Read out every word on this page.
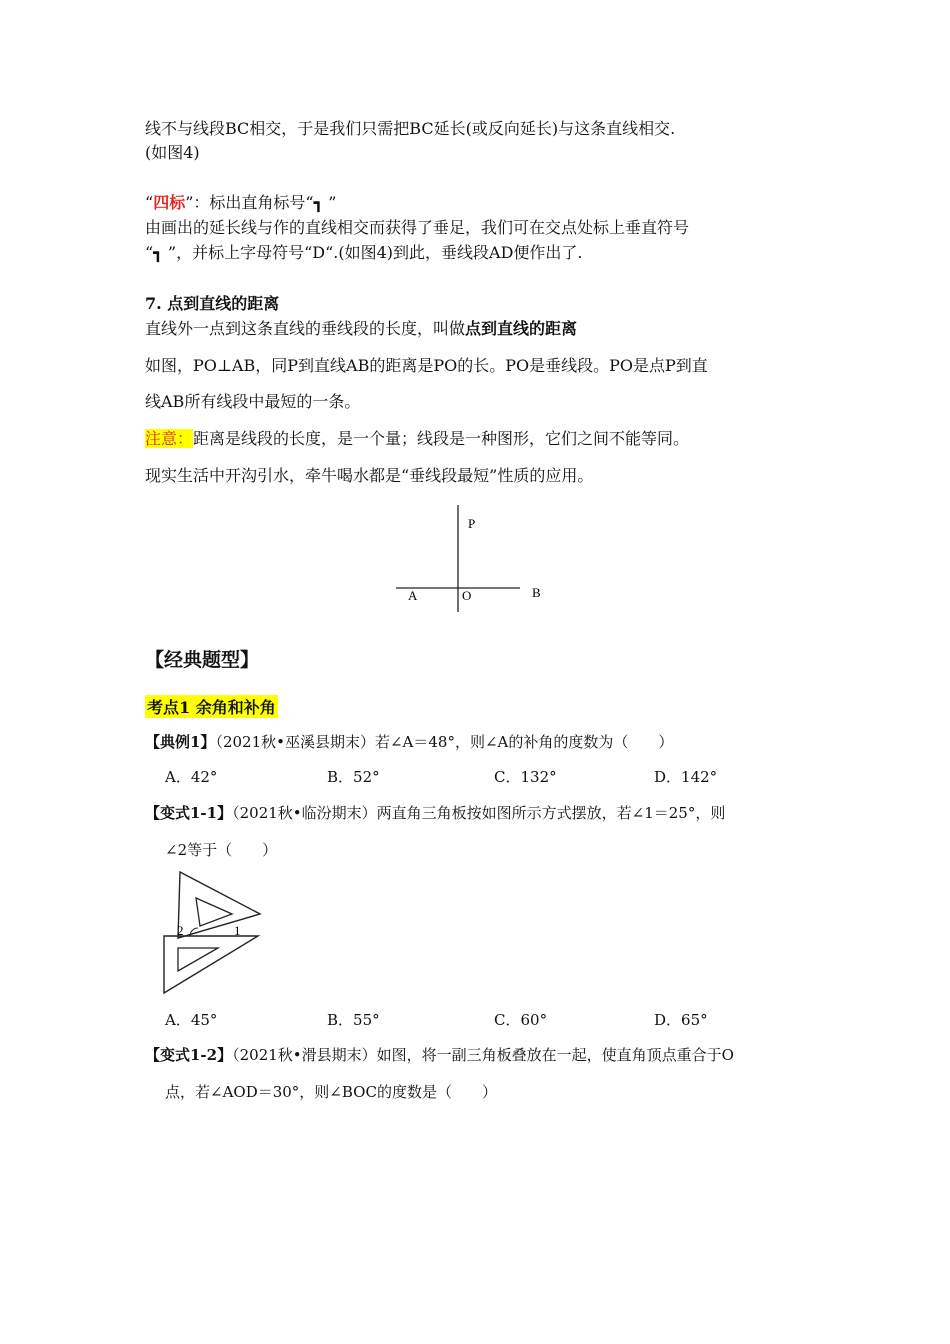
线不与线段BC相交，于是我们只需把BC延长(或反向延长)与这条直线相交.
(如图4)
“四标”：标出直角标号“┓ ”
由画出的延长线与作的直线相交而获得了垂足，我们可在交点处标上垂直符号
“┓ ”，并标上字母符号“D“.(如图4)到此，垂线段AD便作出了.
7. 点到直线的距离
直线外一点到这条直线的垂线段的长度，叫做点到直线的距离
如图，PO⊥AB，同P到直线AB的距离是PO的长。PO是垂线段。PO是点P到直
线AB所有线段中最短的一条。
注意：距离是线段的长度，是一个量；线段是一种图形，它们之间不能等同。
现实生活中开沟引水，牵牛喝水都是“垂线段最短”性质的应用。
P
A	O	B
【经典题型】
考点1 余角和补角
【典例1】（2021秋•巫溪县期末）若∠A＝48°，则∠A的补角的度数为（　　）
A．42°	B．52°	C．132°	D．142°
【变式1-1】（2021秋•临汾期末）两直角三角板按如图所示方式摆放，若∠1＝25°，则
∠2等于（　　）
2	1
A．45°	B．55°	C．60°	D．65°
【变式1-2】（2021秋•滑县期末）如图，将一副三角板叠放在一起，使直角顶点重合于O
点，若∠AOD＝30°，则∠BOC的度数是（　　）
